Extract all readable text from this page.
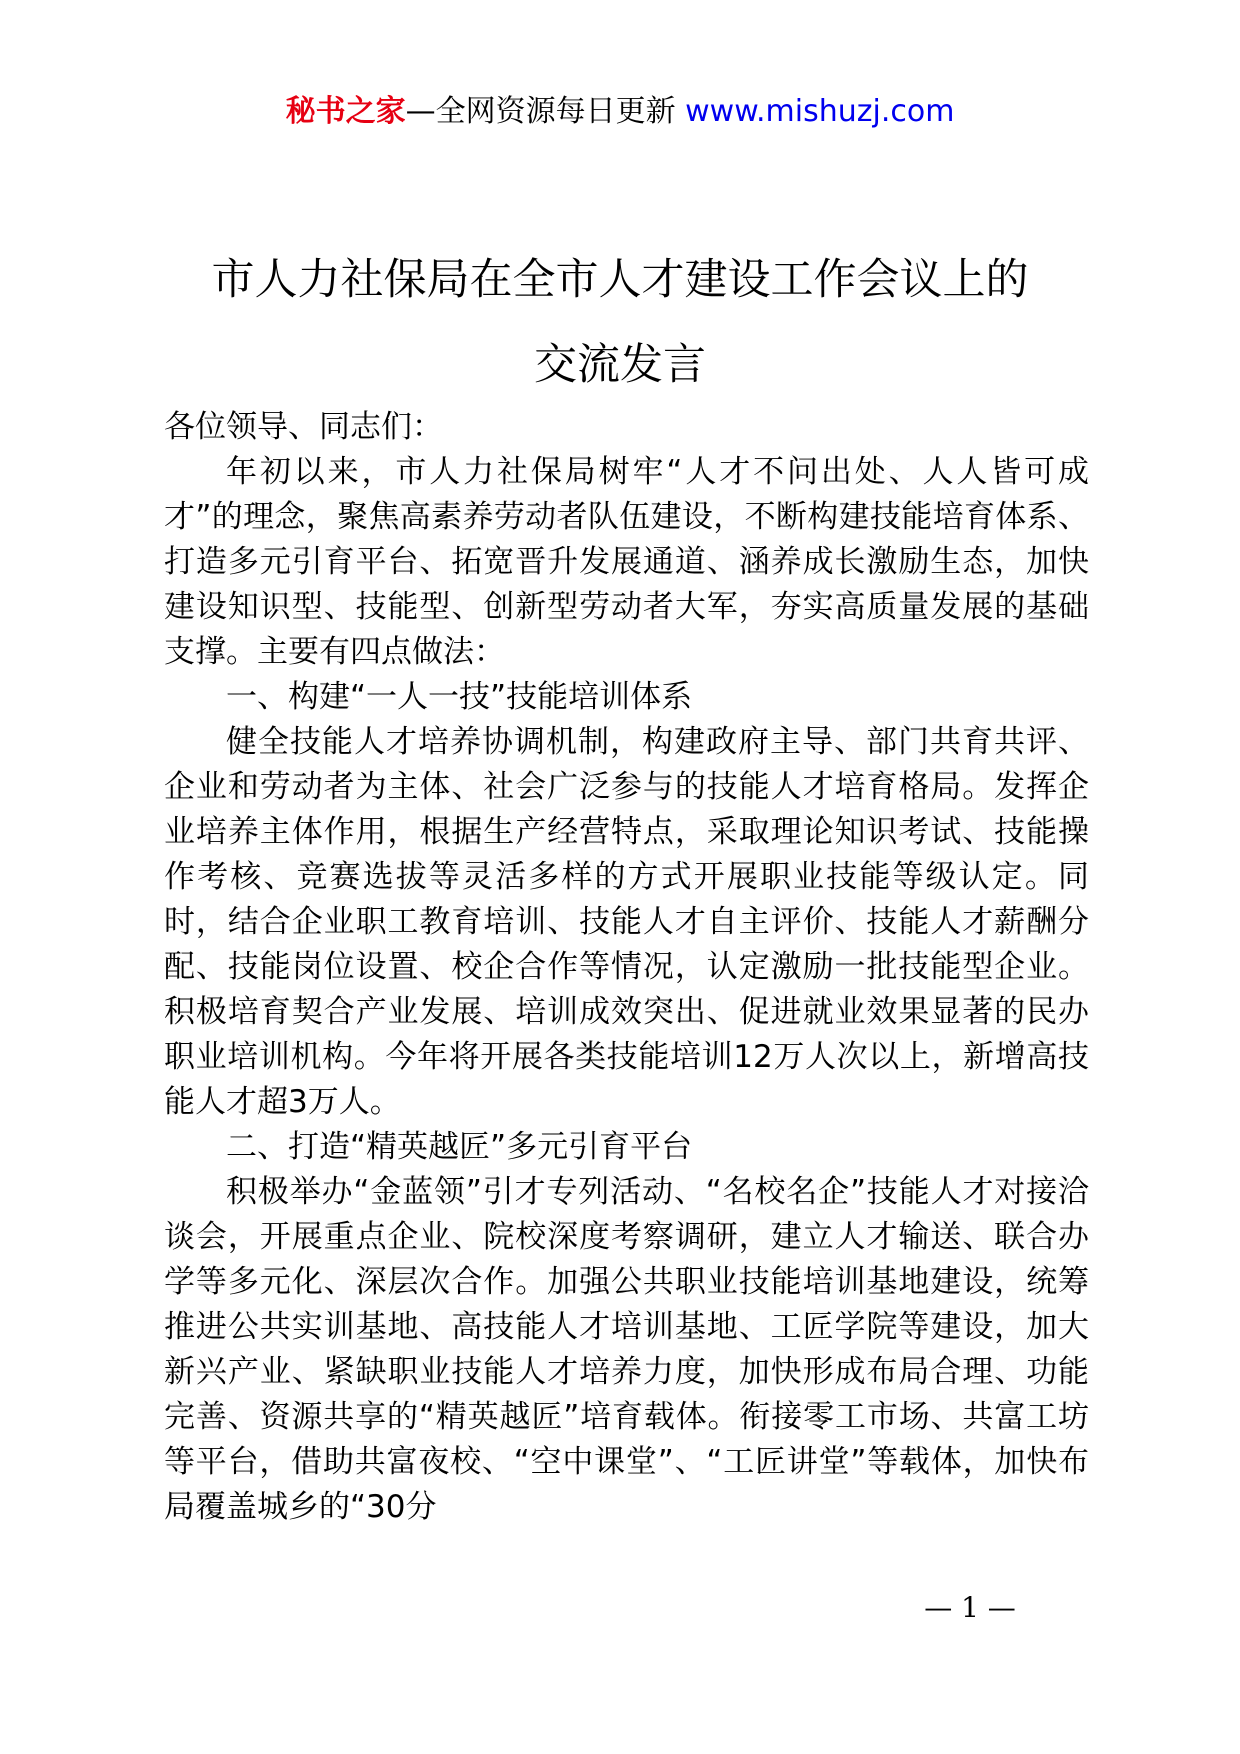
秘书之家—全网资源每日更新 www.mishuzj.com
市人力社保局在全市人才建设工作会议上的
交流发言

各位领导、同志们：

年初以来，市人力社保局树牢“人才不问出处、人人皆可成才”的理念，聚焦高素养劳动者队伍建设，不断构建技能培育体系、打造多元引育平台、拓宽晋升发展通道、涵养成长激励生态，加快建设知识型、技能型、创新型劳动者大军，夯实高质量发展的基础支撑。主要有四点做法：

一、构建“一人一技”技能培训体系

健全技能人才培养协调机制，构建政府主导、部门共育共评、企业和劳动者为主体、社会广泛参与的技能人才培育格局。发挥企业培养主体作用，根据生产经营特点，采取理论知识考试、技能操作考核、竞赛选拔等灵活多样的方式开展职业技能等级认定。同时，结合企业职工教育培训、技能人才自主评价、技能人才薪酬分配、技能岗位设置、校企合作等情况，认定激励一批技能型企业。积极培育契合产业发展、培训成效突出、促进就业效果显著的民办职业培训机构。今年将开展各类技能培训12万人次以上，新增高技能人才超3万人。

二、打造“精英越匠”多元引育平台

积极举办“金蓝领”引才专列活动、“名校名企”技能人才对接洽谈会，开展重点企业、院校深度考察调研，建立人才输送、联合办学等多元化、深层次合作。加强公共职业技能培训基地建设，统筹推进公共实训基地、高技能人才培训基地、工匠学院等建设，加大新兴产业、紧缺职业技能人才培养力度，加快形成布局合理、功能完善、资源共享的“精英越匠”培育载体。衔接零工市场、共富工坊等平台，借助共富夜校、“空中课堂”、“工匠讲堂”等载体，加快布局覆盖城乡的“30分

— 1 —
